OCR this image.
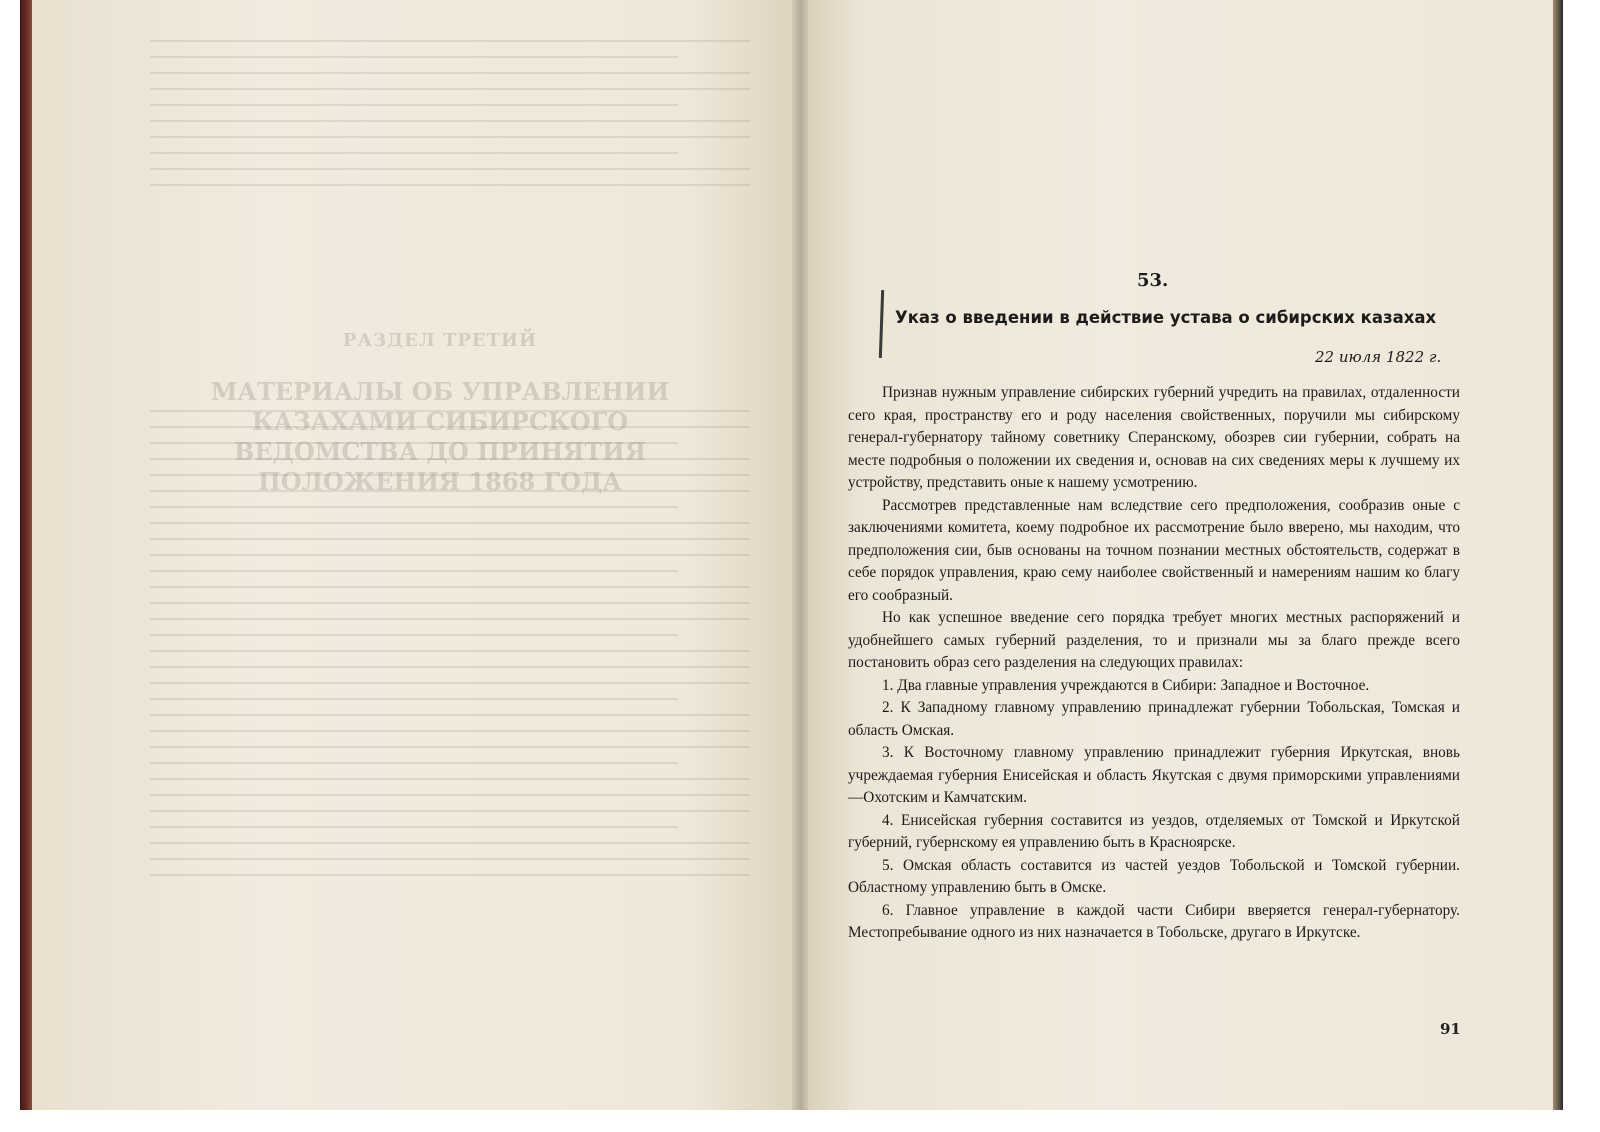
РАЗДЕЛ ТРЕТИЙ
МАТЕРИАЛЫ ОБ УПРАВЛЕНИИ КАЗАХАМИ СИБИРСКОГО ВЕДОМСТВА ДО ПРИНЯТИЯ ПОЛОЖЕНИЯ 1868 ГОДА
53.
Указ о введении в действие устава о сибирских казахах
22 июля 1822 г.

Признав нужным управление сибирских губерний учредить на правилах, отдаленности сего края, пространству его и роду населения свойственных, поручили мы сибирскому генерал-губернатору тайному советнику Сперанскому, обозрев сии губернии, собрать на месте подробныя о положении их сведения и, основав на сих сведениях меры к лучшему их устройству, представить оные к нашему усмотрению.

Рассмотрев представленные нам вследствие сего предположения, сообразив оные с заключениями комитета, коему подробное их рассмотрение было вверено, мы находим, что предположения сии, быв основаны на точном познании местных обстоятельств, содержат в себе порядок управления, краю сему наиболее свойственный и намерениям нашим ко благу его сообразный.

Но как успешное введение сего порядка требует многих местных распоряжений и удобнейшего самых губерний разделения, то и признали мы за благо прежде всего постановить образ сего разделения на следующих правилах:

1. Два главные управления учреждаются в Сибири: Западное и Восточное.

2. К Западному главному управлению принадлежат губернии Тобольская, Томская и область Омская.

3. К Восточному главному управлению принадлежит губерния Иркутская, вновь учреждаемая губерния Енисейская и область Якутская с двумя приморскими управлениями—Охотским и Камчатским.

4. Енисейская губерния составится из уездов, отделяемых от Томской и Иркутской губерний, губернскому ея управлению быть в Красноярске.

5. Омская область составится из частей уездов Тобольской и Томской губернии. Областному управлению быть в Омске.

6. Главное управление в каждой части Сибири вверяется генерал-губернатору. Местопребывание одного из них назначается в Тобольске, другаго в Иркутске.

91
